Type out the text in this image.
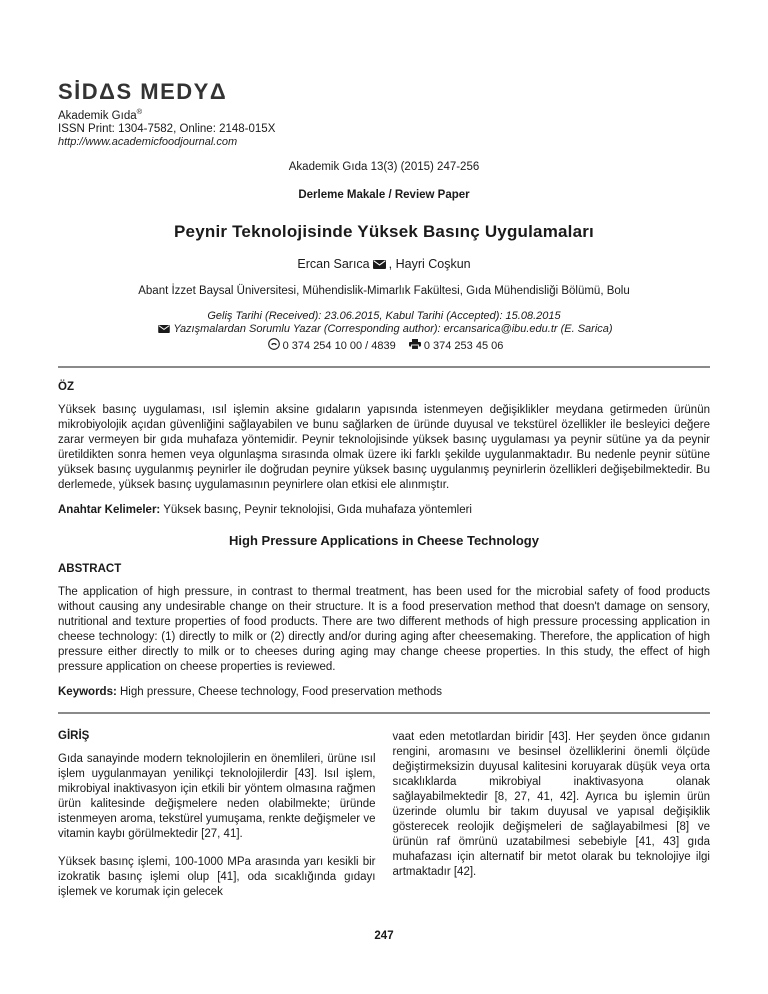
SİDΔS MEDYΔ
Akademik Gıda®
ISSN Print: 1304-7582, Online: 2148-015X
http://www.academicfoodjournal.com
Akademik Gıda 13(3) (2015) 247-256
Derleme Makale / Review Paper
Peynir Teknolojisinde Yüksek Basınç Uygulamaları
Ercan Sarıca , Hayri Coşkun
Abant İzzet Baysal Üniversitesi, Mühendislik-Mimarlık Fakültesi, Gıda Mühendisliği Bölümü, Bolu
Geliş Tarihi (Received): 23.06.2015, Kabul Tarihi (Accepted): 15.08.2015
Yazışmalardan Sorumlu Yazar (Corresponding author): ercansarica@ibu.edu.tr (E. Sarica)
0 374 254 10 00 / 4839	0 374 253 45 06
ÖZ

Yüksek basınç uygulaması, ısıl işlemin aksine gıdaların yapısında istenmeyen değişiklikler meydana getirmeden ürünün mikrobiyolojik açıdan güvenliğini sağlayabilen ve bunu sağlarken de üründe duyusal ve tekstürel özellikler ile besleyici değere zarar vermeyen bir gıda muhafaza yöntemidir. Peynir teknolojisinde yüksek basınç uygulaması ya peynir sütüne ya da peynir üretildikten sonra hemen veya olgunlaşma sırasında olmak üzere iki farklı şekilde uygulanmaktadır. Bu nedenle peynir sütüne yüksek basınç uygulanmış peynirler ile doğrudan peynire yüksek basınç uygulanmış peynirlerin özellikleri değişebilmektedir. Bu derlemede, yüksek basınç uygulamasının peynirlere olan etkisi ele alınmıştır.

Anahtar Kelimeler: Yüksek basınç, Peynir teknolojisi, Gıda muhafaza yöntemleri
High Pressure Applications in Cheese Technology
ABSTRACT

The application of high pressure, in contrast to thermal treatment, has been used for the microbial safety of food products without causing any undesirable change on their structure. It is a food preservation method that doesn't damage on sensory, nutritional and texture properties of food products. There are two different methods of high pressure processing application in cheese technology: (1) directly to milk or (2) directly and/or during aging after cheesemaking. Therefore, the application of high pressure either directly to milk or to cheeses during aging may change cheese properties. In this study, the effect of high pressure application on cheese properties is reviewed.

Keywords: High pressure, Cheese technology, Food preservation methods
GİRİŞ

Gıda sanayinde modern teknolojilerin en önemlileri, ürüne ısıl işlem uygulanmayan yenilikçi teknolojilerdir [43]. Isıl işlem, mikrobiyal inaktivasyon için etkili bir yöntem olmasına rağmen ürün kalitesinde değişmelere neden olabilmekte; üründe istenmeyen aroma, tekstürel yumuşama, renkte değişmeler ve vitamin kaybı görülmektedir [27, 41].

Yüksek basınç işlemi, 100-1000 MPa arasında yarı kesikli bir izokratik basınç işlemi olup [41], oda sıcaklığında gıdayı işlemek ve korumak için gelecek

vaat eden metotlardan biridir [43]. Her şeyden önce gıdanın rengini, aromasını ve besinsel özelliklerini önemli ölçüde değiştirmeksizin duyusal kalitesini koruyarak düşük veya orta sıcaklıklarda mikrobiyal inaktivasyona olanak sağlayabilmektedir [8, 27, 41, 42]. Ayrıca bu işlemin ürün üzerinde olumlu bir takım duyusal ve yapısal değişiklik gösterecek reolojik değişmeleri de sağlayabilmesi [8] ve ürünün raf ömrünü uzatabilmesi sebebiyle [41, 43] gıda muhafazası için alternatif bir metot olarak bu teknolojiye ilgi artmaktadır [42].

247
